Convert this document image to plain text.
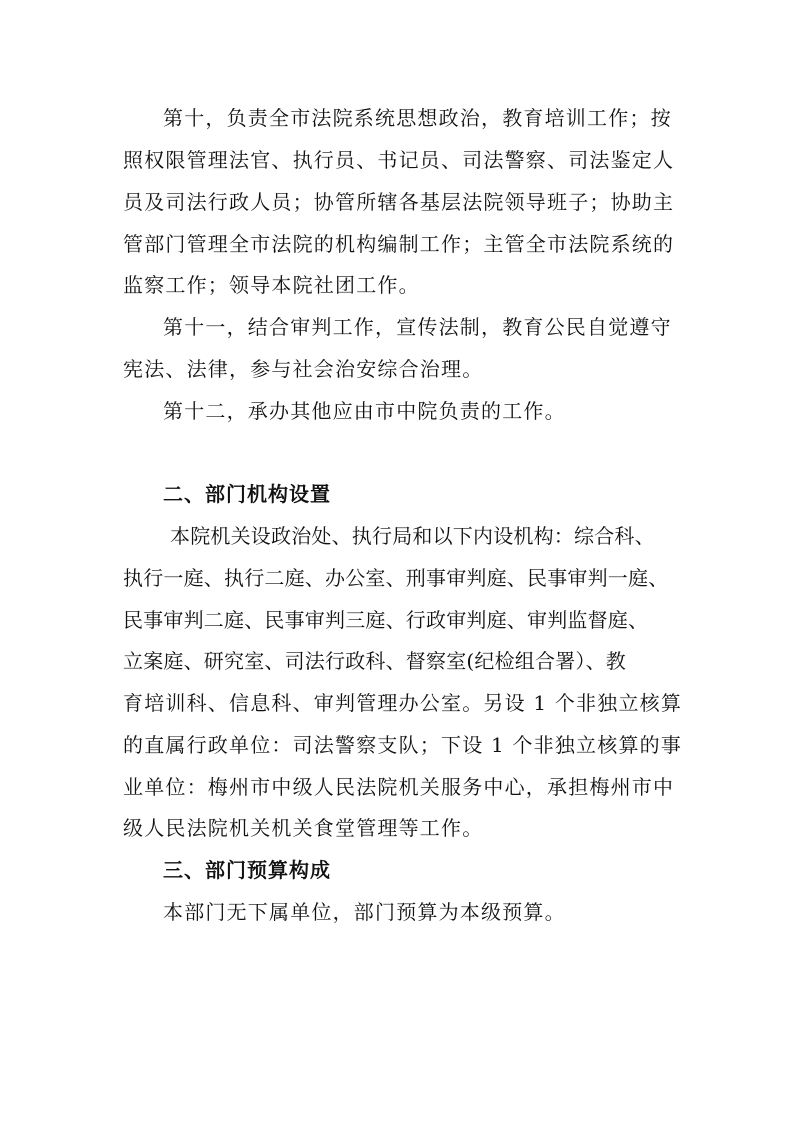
第十，负责全市法院系统思想政治，教育培训工作；按
照权限管理法官、执行员、书记员、司法警察、司法鉴定人
员及司法行政人员；协管所辖各基层法院领导班子；协助主
管部门管理全市法院的机构编制工作；主管全市法院系统的
监察工作；领导本院社团工作。
第十一，结合审判工作，宣传法制，教育公民自觉遵守
宪法、法律，参与社会治安综合治理。
第十二，承办其他应由市中院负责的工作。
二、部门机构设置
本院机关设政治处、执行局和以下内设机构：综合科、
执行一庭、执行二庭、办公室、刑事审判庭、民事审判一庭、
民事审判二庭、民事审判三庭、行政审判庭、审判监督庭、
立案庭、研究室、司法行政科、督察室(纪检组合署）、教
育培训科、信息科、审判管理办公室。另设 1 个非独立核算
的直属行政单位：司法警察支队；下设 1 个非独立核算的事
业单位：梅州市中级人民法院机关服务中心，承担梅州市中
级人民法院机关机关食堂管理等工作。
三、部门预算构成
本部门无下属单位，部门预算为本级预算。
